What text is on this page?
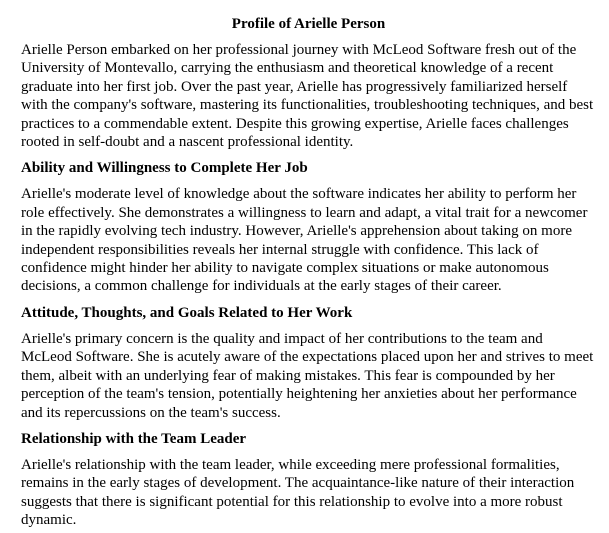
Profile of Arielle Person

Arielle Person embarked on her professional journey with McLeod Software fresh out of the University of Montevallo, carrying the enthusiasm and theoretical knowledge of a recent graduate into her first job. Over the past year, Arielle has progressively familiarized herself with the company's software, mastering its functionalities, troubleshooting techniques, and best practices to a commendable extent. Despite this growing expertise, Arielle faces challenges rooted in self-doubt and a nascent professional identity.

Ability and Willingness to Complete Her Job

Arielle's moderate level of knowledge about the software indicates her ability to perform her role effectively. She demonstrates a willingness to learn and adapt, a vital trait for a newcomer in the rapidly evolving tech industry. However, Arielle's apprehension about taking on more independent responsibilities reveals her internal struggle with confidence. This lack of confidence might hinder her ability to navigate complex situations or make autonomous decisions, a common challenge for individuals at the early stages of their career.

Attitude, Thoughts, and Goals Related to Her Work

Arielle's primary concern is the quality and impact of her contributions to the team and McLeod Software. She is acutely aware of the expectations placed upon her and strives to meet them, albeit with an underlying fear of making mistakes. This fear is compounded by her perception of the team's tension, potentially heightening her anxieties about her performance and its repercussions on the team's success.

Relationship with the Team Leader

Arielle's relationship with the team leader, while exceeding mere professional formalities, remains in the early stages of development. The acquaintance-like nature of their interaction suggests that there is significant potential for this relationship to evolve into a more robust dynamic.
